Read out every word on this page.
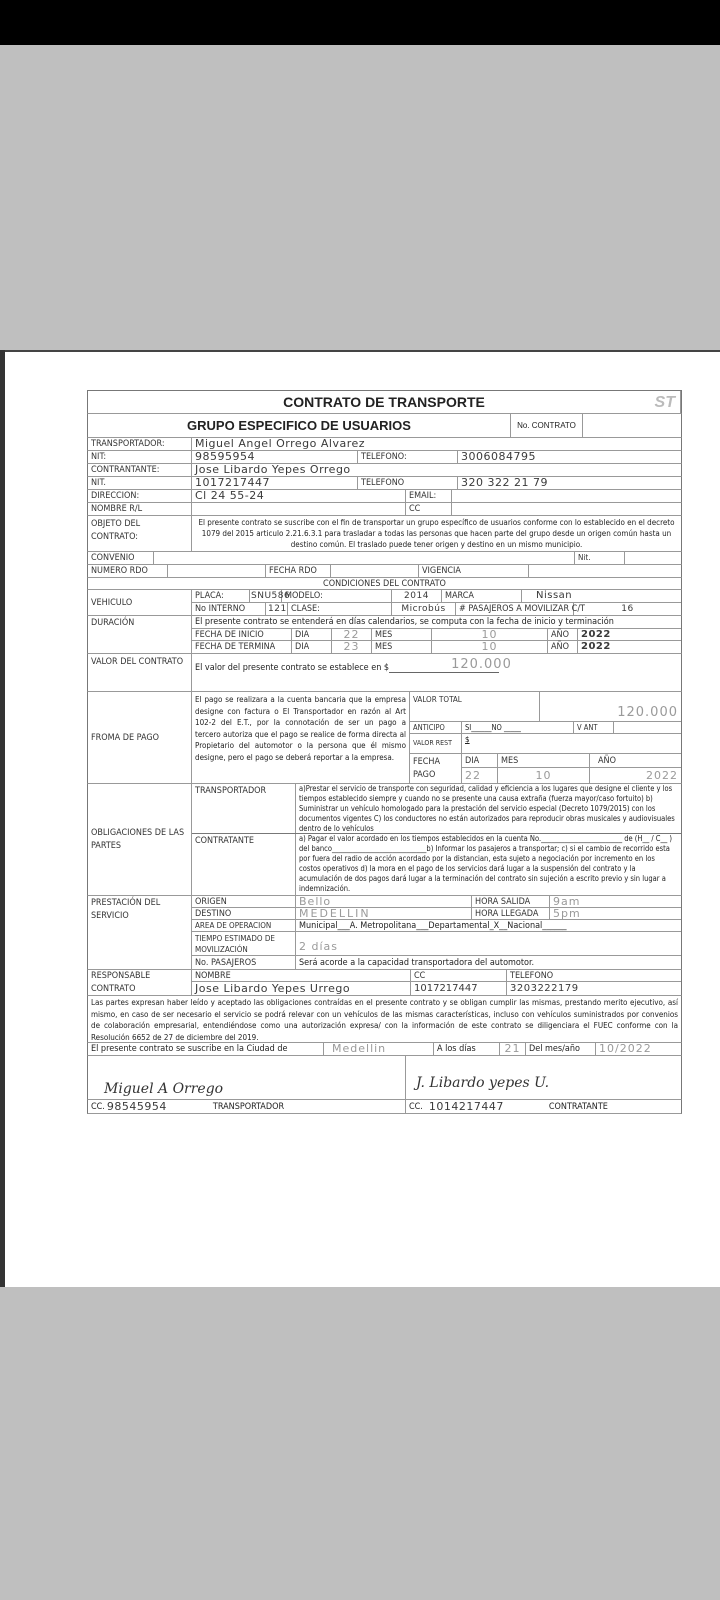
CONTRATO DE TRANSPORTE	ST
GRUPO ESPECIFICO DE USUARIOS	No. CONTRATO
TRANSPORTADOR:	Miguel Angel Orrego Alvarez
NIT:	98595954	TELEFONO:	3006084795
CONTRANTANTE:	Jose Libardo Yepes Orrego
NIT.	1017217447	TELEFONO	320 322 21 79
DIRECCION:	Cl 24 55-24	EMAIL:
NOMBRE R/L	CC
OBJETO DEL CONTRATO:
El presente contrato se suscribe con el fin de transportar un grupo específico de usuarios conforme con lo establecido en el decreto 1079 del 2015 articulo 2.21.6.3.1 para trasladar a todas las personas que hacen parte del grupo desde un origen común hasta un destino común. El traslado puede tener origen y destino en un mismo municipio.
CONVENIO	Nit.
NUMERO RDO	FECHA RDO	VIGENCIA
CONDICIONES DEL CONTRATO
VEHICULO
PLACA:	SNU586
MODELO:	2014	MARCA	Nissan
No INTERNO	121 CLASE:	Microbús	# PASAJEROS A MOVILIZAR C/T	16
DURACIÓN	El presente contrato se entenderá en días calendarios, se computa con la fecha de inicio y terminación
FECHA DE INICIO	DIA	22	MES	10	AÑO	2022
FECHA DE TERMINA	DIA	23	MES	10	AÑO	2022
VALOR DEL CONTRATO
El valor del presente contrato se establece en $	120.000
FROMA DE PAGO
El pago se realizara a la cuenta bancaria que la empresa designe con factura o El Transportador en razón al Art 102-2 del E.T., por la connotación de ser un pago a tercero autoriza que el pago se realice de forma directa al Propietario del automotor o la persona que él mismo designe, pero el pago se deberá reportar a la empresa.
VALOR TOTAL
120.000
ANTICIPO	SI______NO _____	V ANT
VALOR REST	$
FECHA PAGO
DIA	MES	AÑO
22	10	2022
OBLIGACIONES DE LAS PARTES
TRANSPORTADOR	a)Prestar el servicio de transporte con seguridad, calidad y eficiencia a los lugares que designe el cliente y los tiempos establecido siempre y cuando no se presente una causa extraña (fuerza mayor/caso fortuito) b) Suministrar un vehículo homologado para la prestación del servicio especial (Decreto 1079/2015) con los documentos vigentes C) los conductores no están autorizados para reproducir obras musicales y audiovisuales dentro de lo vehículos
CONTRATANTE	a) Pagar el valor acordado en los tiempos establecidos en la cuenta No.________________________ de (H__ / C__ ) del banco____________________________b) Informar los pasajeros a transportar; c) si el cambio de recorrido esta por fuera del radio de acción acordado por la distancian, esta sujeto a negociación por incremento en los costos operativos d) la mora en el pago de los servicios dará lugar a la suspensión del contrato y la acumulación de dos pagos dará lugar a la terminación del contrato sin sujeción a escrito previo y sin lugar a indemnización.
PRESTACIÓN DEL SERVICIO
ORIGEN	Bello	HORA SALIDA	9am
DESTINO	MEDELLIN	HORA LLEGADA	5pm
AREA DE OPERACION	Municipal___A. Metropolitana___Departamental_X__Nacional______
TIEMPO ESTIMADO DE MOVILIZACIÓN	2 días
No. PASAJEROS	Será acorde a la capacidad transportadora del automotor.
RESPONSABLE CONTRATO
NOMBRE	CC	TELEFONO
Jose Libardo Yepes Urrego	1017217447	3203222179
Las partes expresan haber leído y aceptado las obligaciones contraídas en el presente contrato y se obligan cumplir las mismas, prestando merito ejecutivo, así mismo, en caso de ser necesario el servicio se podrá relevar con un vehículos de las mismas características, incluso con vehículos suministrados por convenios de colaboración empresarial, entendiéndose como una autorización expresa/ con la información de este contrato se diligenciara el FUEC conforme con la Resolución 6652 de 27 de diciembre del 2019.
El presente contrato se suscribe en la Ciudad de	Medellin	A los días	21 Del mes/año	10/2022
Miguel A Orrego	J. Libardo yepes U.
CC. 98545954	TRANSPORTADOR	CC. 1014217447	CONTRATANTE
